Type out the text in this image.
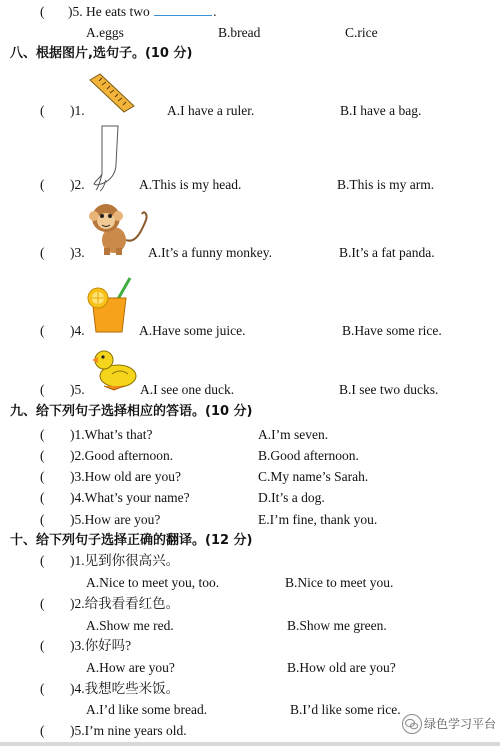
( )5. He eats two	.
A.eggs	B.bread	C.rice
八、根据图片,选句子。(10 分)
( )1.	A.I have a ruler.	B.I have a bag.
( )2.	A.This is my head.	B.This is my arm.
( )3.	A.It’s a funny monkey.	B.It’s a fat panda.
( )4.	A.Have some juice.	B.Have some rice.
( )5.	A.I see one duck.	B.I see two ducks.
九、给下列句子选择相应的答语。(10 分)
( )1.What’s that?	A.I’m seven.
( )2.Good afternoon.	B.Good afternoon.
( )3.How old are you?	C.My name’s Sarah.
( )4.What’s your name?	D.It’s a dog.
( )5.How are you?	E.I’m fine, thank you.
十、给下列句子选择正确的翻译。(12 分)
( )1.见到你很高兴。
A.Nice to meet you, too.	B.Nice to meet you.
( )2.给我看看红色。
A.Show me red.	B.Show me green.
( )3.你好吗?
A.How are you?	B.How old are you?
( )4.我想吃些米饭。
A.I’d like some bread.	B.I’d like some rice.
( )5.I’m nine years old.	绿色学习平台
